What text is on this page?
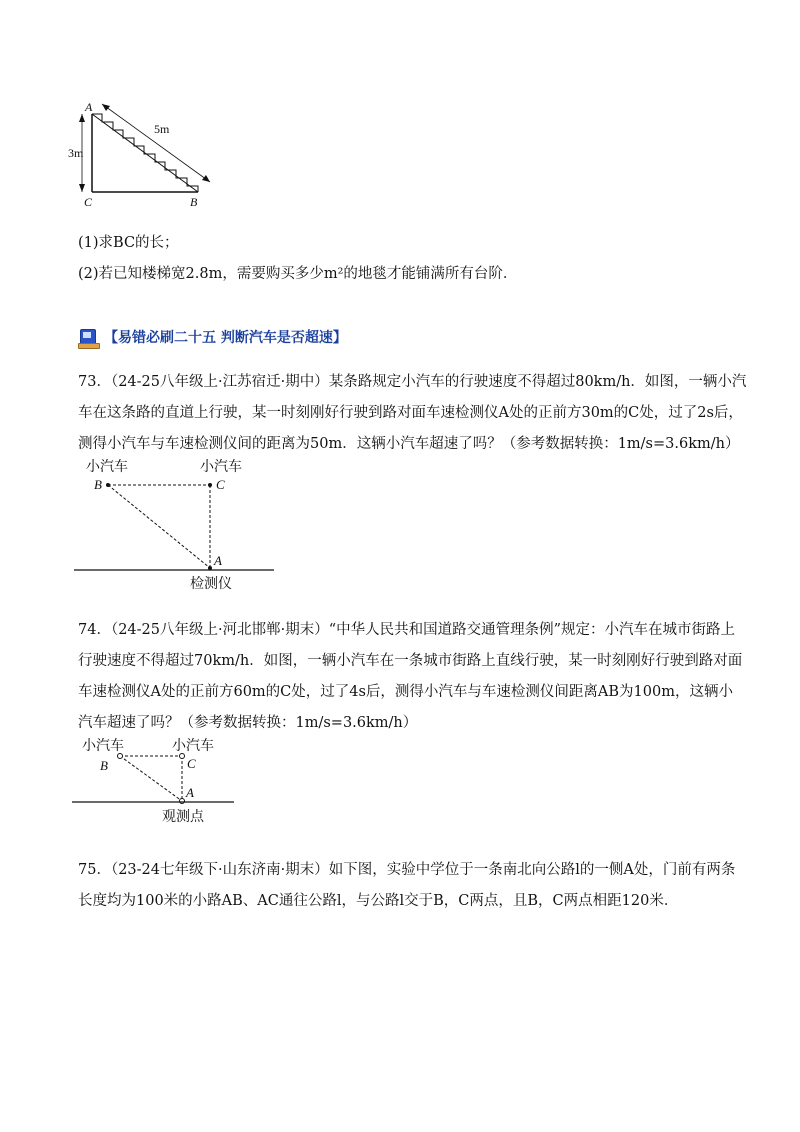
A
5m
3m
C	B
(1)求BC的长；
(2)若已知楼梯宽2.8m，需要购买多少m²的地毯才能铺满所有台阶．
【易错必刷二十五 判断汽车是否超速】
73．（24-25八年级上·江苏宿迁·期中）某条路规定小汽车的行驶速度不得超过80km/h．如图，一辆小汽
车在这条路的直道上行驶，某一时刻刚好行驶到路对面车速检测仪A处的正前方30m的C处，过了2s后，
测得小汽车与车速检测仪间的距离为50m．这辆小汽车超速了吗？（参考数据转换：1m/s=3.6km/h）
小汽车	小汽车
B	C
A
检测仪
74．（24-25八年级上·河北邯郸·期末）“中华人民共和国道路交通管理条例”规定：小汽车在城市街路上
行驶速度不得超过70km/h．如图，一辆小汽车在一条城市街路上直线行驶，某一时刻刚好行驶到路对面
车速检测仪A处的正前方60m的C处，过了4s后，测得小汽车与车速检测仪间距离AB为100m，这辆小
汽车超速了吗？（参考数据转换：1m/s=3.6km/h）
小汽车	小汽车
B	C
A
观测点
75．（23-24七年级下·山东济南·期末）如下图，实验中学位于一条南北向公路l的一侧A处，门前有两条
长度均为100米的小路AB、AC通往公路l，与公路l交于B，C两点，且B，C两点相距120米．
